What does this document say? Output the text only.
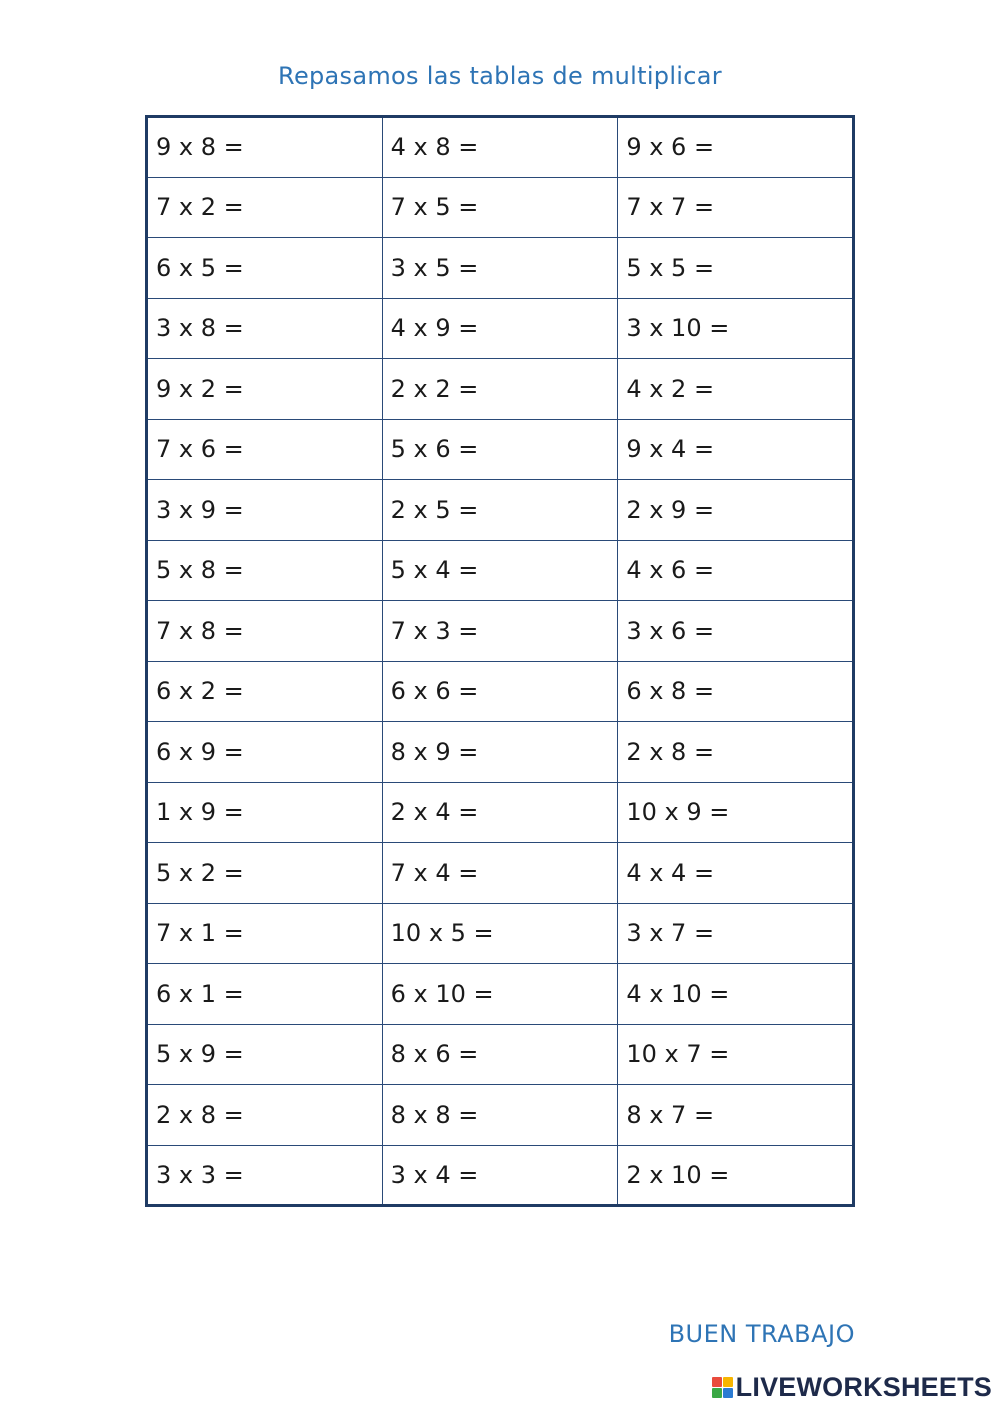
Repasamos las tablas de multiplicar
9 x 8 =	4 x 8 =	9 x 6 =
7 x 2 =	7 x 5 =	7 x 7 =
6 x 5 =	3 x 5 =	5 x 5 =
3 x 8 =	4 x 9 =	3 x 10 =
9 x 2 =	2 x 2 =	4 x 2 =
7 x 6 =	5 x 6 =	9 x 4 =
3 x 9 =	2 x 5 =	2 x 9 =
5 x 8 =	5 x 4 =	4 x 6 =
7 x 8 =	7 x 3 =	3 x 6 =
6 x 2 =	6 x 6 =	6 x 8 =
6 x 9 =	8 x 9 =	2 x 8 =
1 x 9 =	2 x 4 =	10 x 9 =
5 x 2 =	7 x 4 =	4 x 4 =
7 x 1 =	10 x 5 =	3 x 7 =
6 x 1 =	6 x 10 =	4 x 10 =
5 x 9 =	8 x 6 =	10 x 7 =
2 x 8 =	8 x 8 =	8 x 7 =
3 x 3 =	3 x 4 =	2 x 10 =
BUEN TRABAJO
LIVEWORKSHEETS
